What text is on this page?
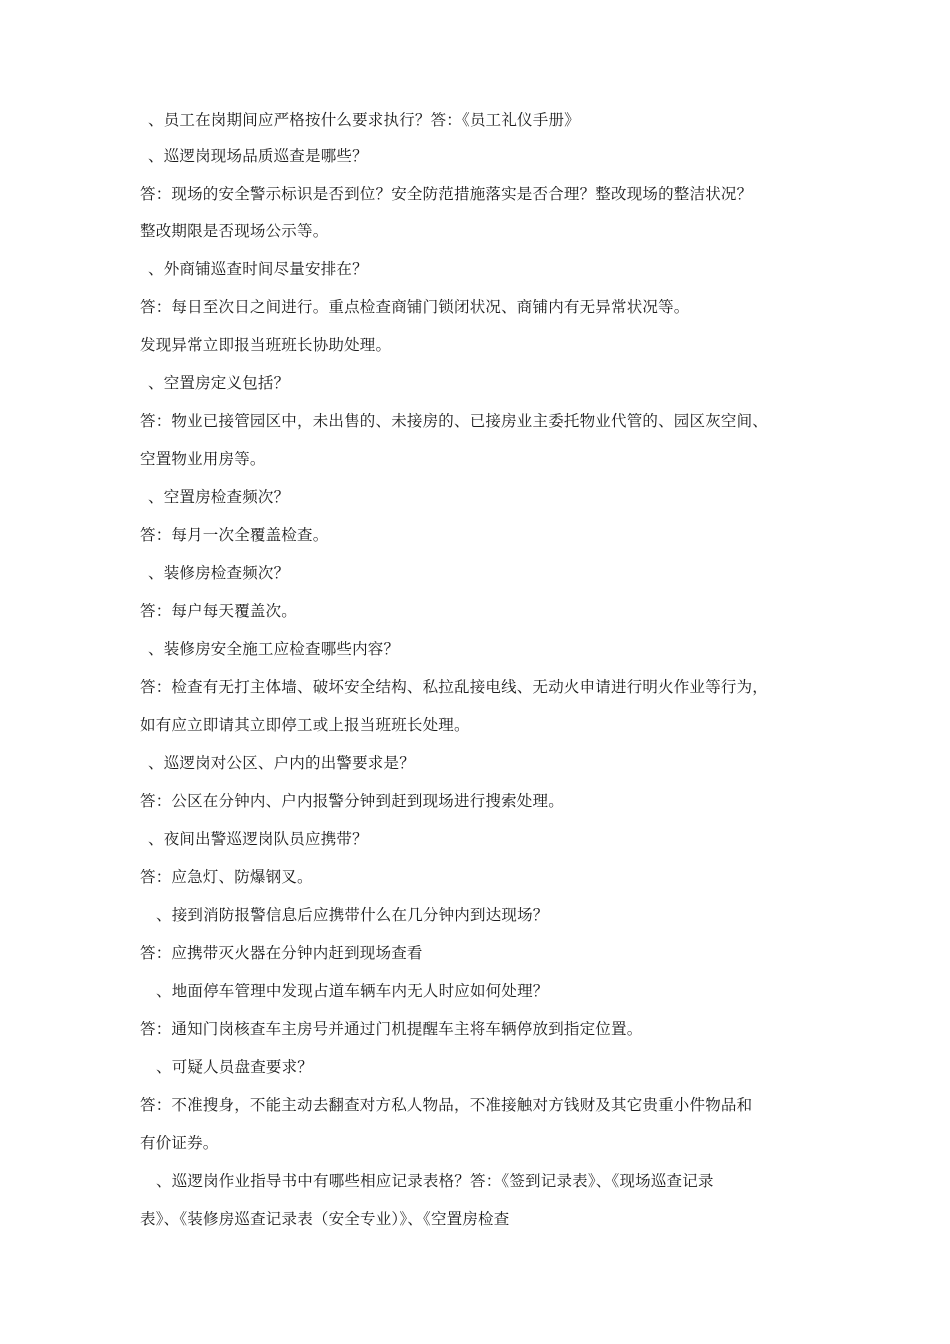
、员工在岗期间应严格按什么要求执行？答：《员工礼仪手册》
、巡逻岗现场品质巡查是哪些？
答：现场的安全警示标识是否到位？安全防范措施落实是否合理？整改现场的整洁状况？
整改期限是否现场公示等。
、外商铺巡查时间尽量安排在？
答：每日至次日之间进行。重点检查商铺门锁闭状况、商铺内有无异常状况等。
发现异常立即报当班班长协助处理。
、空置房定义包括？
答：物业已接管园区中，未出售的、未接房的、已接房业主委托物业代管的、园区灰空间、
空置物业用房等。
、空置房检查频次？
答：每月一次全覆盖检查。
、装修房检查频次？
答：每户每天覆盖次。
、装修房安全施工应检查哪些内容？
答：检查有无打主体墙、破坏安全结构、私拉乱接电线、无动火申请进行明火作业等行为，
如有应立即请其立即停工或上报当班班长处理。
、巡逻岗对公区、户内的出警要求是？
答：公区在分钟内、户内报警分钟到赶到现场进行搜索处理。
、夜间出警巡逻岗队员应携带？
答：应急灯、防爆钢叉。
、接到消防报警信息后应携带什么在几分钟内到达现场？
答：应携带灭火器在分钟内赶到现场查看
、地面停车管理中发现占道车辆车内无人时应如何处理？
答：通知门岗核查车主房号并通过门机提醒车主将车辆停放到指定位置。
、可疑人员盘查要求？
答：不准搜身，不能主动去翻查对方私人物品，不准接触对方钱财及其它贵重小件物品和
有价证券。
、巡逻岗作业指导书中有哪些相应记录表格？答：《签到记录表》、《现场巡查记录
表》、《装修房巡查记录表（安全专业）》、《空置房检查
